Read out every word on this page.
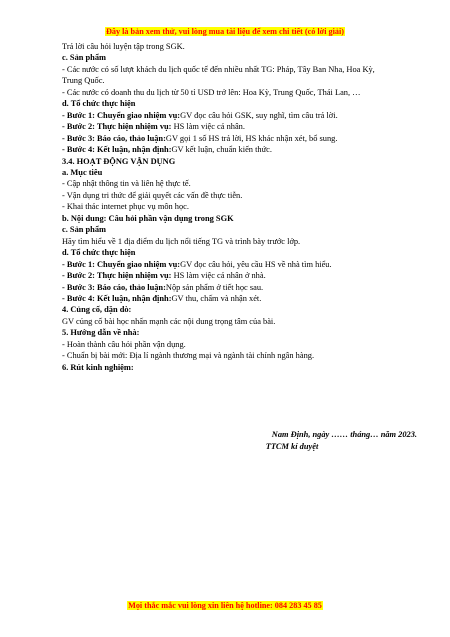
Đây là bản xem thử, vui lòng mua tài liệu để xem chi tiết (có lời giải)
Trả lời câu hỏi luyện tập trong SGK.
c. Sản phẩm
- Các nước có số lượt khách du lịch quốc tế đến nhiều nhất TG: Pháp, Tây Ban Nha, Hoa Kỳ, Trung Quốc.
- Các nước có doanh thu du lịch từ 50 tỉ USD trở lên: Hoa Kỳ, Trung Quốc, Thái Lan, …
d. Tổ chức thực hiện
- Bước 1: Chuyển giao nhiệm vụ:GV đọc câu hỏi GSK, suy nghĩ, tìm câu trả lời.
- Bước 2: Thực hiện nhiệm vụ: HS làm việc cá nhân.
- Bước 3: Báo cáo, thảo luận:GV gọi 1 số HS trả lời, HS khác nhận xét, bổ sung.
- Bước 4: Kết luận, nhận định:GV kết luận, chuẩn kiến thức.
3.4. HOẠT ĐỘNG VẬN DỤNG
a. Mục tiêu
- Cập nhật thông tin và liên hệ thực tế.
- Vận dụng tri thức để giải quyết các vấn đề thực tiễn.
- Khai thác internet phục vụ môn học.
b. Nội dung: Câu hỏi phần vận dụng trong SGK
c. Sản phẩm
Hãy tìm hiểu về 1 địa điểm du lịch nổi tiếng TG và trình bày trước lớp.
d. Tổ chức thực hiện
- Bước 1: Chuyển giao nhiệm vụ:GV đọc câu hỏi, yêu cầu HS về nhà tìm hiểu.
- Bước 2: Thực hiện nhiệm vụ: HS làm việc cá nhân ở nhà.
- Bước 3: Báo cáo, thảo luận:Nộp sản phẩm ở tiết học sau.
- Bước 4: Kết luận, nhận định:GV thu, chấm và nhận xét.
4. Củng cố, dặn dò:
GV củng cố bài học nhấn mạnh các nội dung trọng tâm của bài.
5. Hướng dẫn về nhà:
- Hoàn thành câu hỏi phần vận dụng.
- Chuẩn bị bài mới: Địa lí ngành thương mại và ngành tài chính ngân hàng.
6. Rút kinh nghiệm:
Nam Định, ngày …… tháng… năm 2023.
TTCM kí duyệt
Mọi thắc mắc vui lòng xin liên hệ hotline: 084 283 45 85
